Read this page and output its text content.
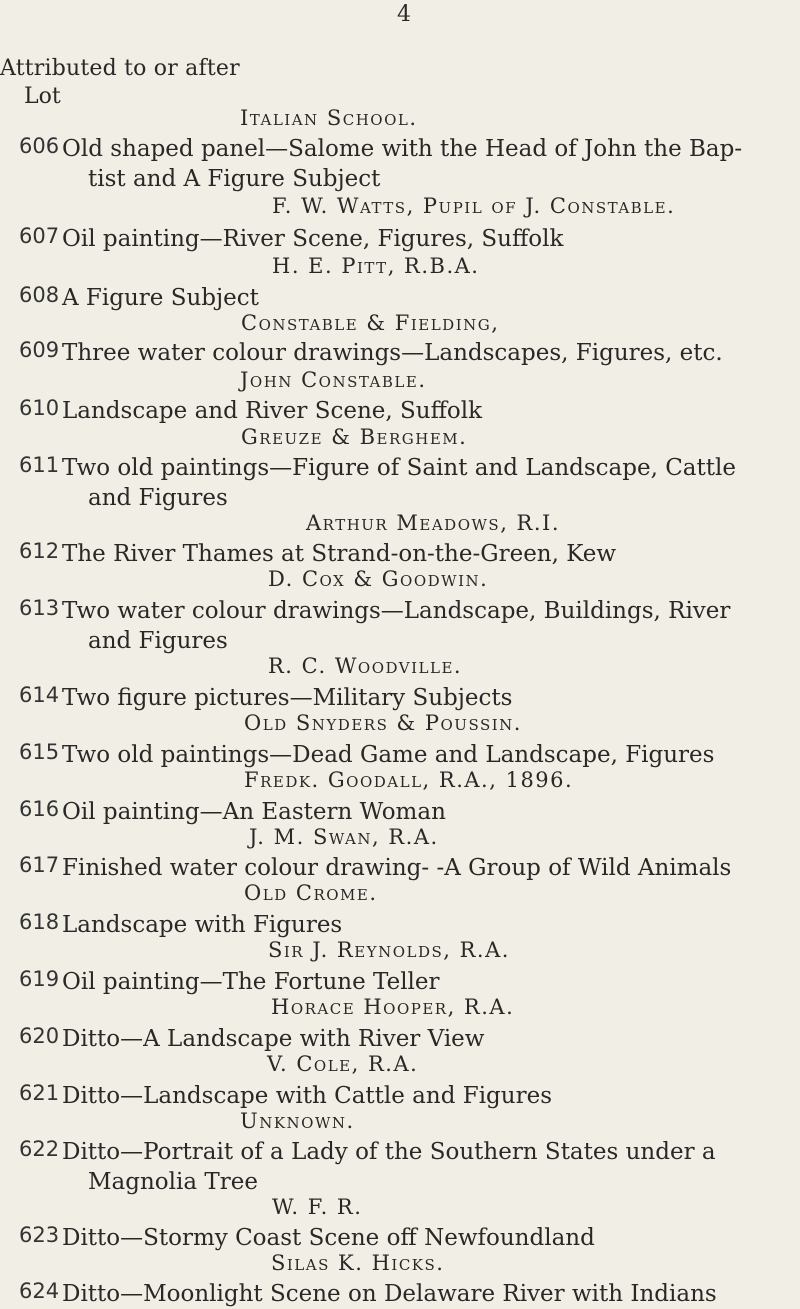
4
Attributed to or after
Lot
Italian School.
606 Old shaped panel—Salome with the Head of John the Bap-
tist and A Figure Subject
F. W. Watts, Pupil of J. Constable.
607 Oil painting—River Scene, Figures, Suffolk
H. E. Pitt, R.B.A.
608 A Figure Subject
Constable & Fielding,
609 Three water colour drawings—Landscapes, Figures, etc.
John Constable.
610 Landscape and River Scene, Suffolk
Greuze & Berghem.
611 Two old paintings—Figure of Saint and Landscape, Cattle
and Figures
Arthur Meadows, R.I.
612 The River Thames at Strand-on-the-Green, Kew
D. Cox & Goodwin.
613 Two water colour drawings—Landscape, Buildings, River
and Figures
R. C. Woodville.
614 Two figure pictures—Military Subjects
Old Snyders & Poussin.
615 Two old paintings—Dead Game and Landscape, Figures
Fredk. Goodall, R.A., 1896.
616 Oil painting—An Eastern Woman
J. M. Swan, R.A.
617 Finished water colour drawing- -A Group of Wild Animals
Old Crome.
618 Landscape with Figures
Sir J. Reynolds, R.A.
619 Oil painting—The Fortune Teller
Horace Hooper, R.A.
620 Ditto—A Landscape with River View
V. Cole, R.A.
621 Ditto—Landscape with Cattle and Figures
Unknown.
622 Ditto—Portrait of a Lady of the Southern States under a
Magnolia Tree
W. F. R.
623 Ditto—Stormy Coast Scene off Newfoundland
Silas K. Hicks.
624 Ditto—Moonlight Scene on Delaware River with Indians
